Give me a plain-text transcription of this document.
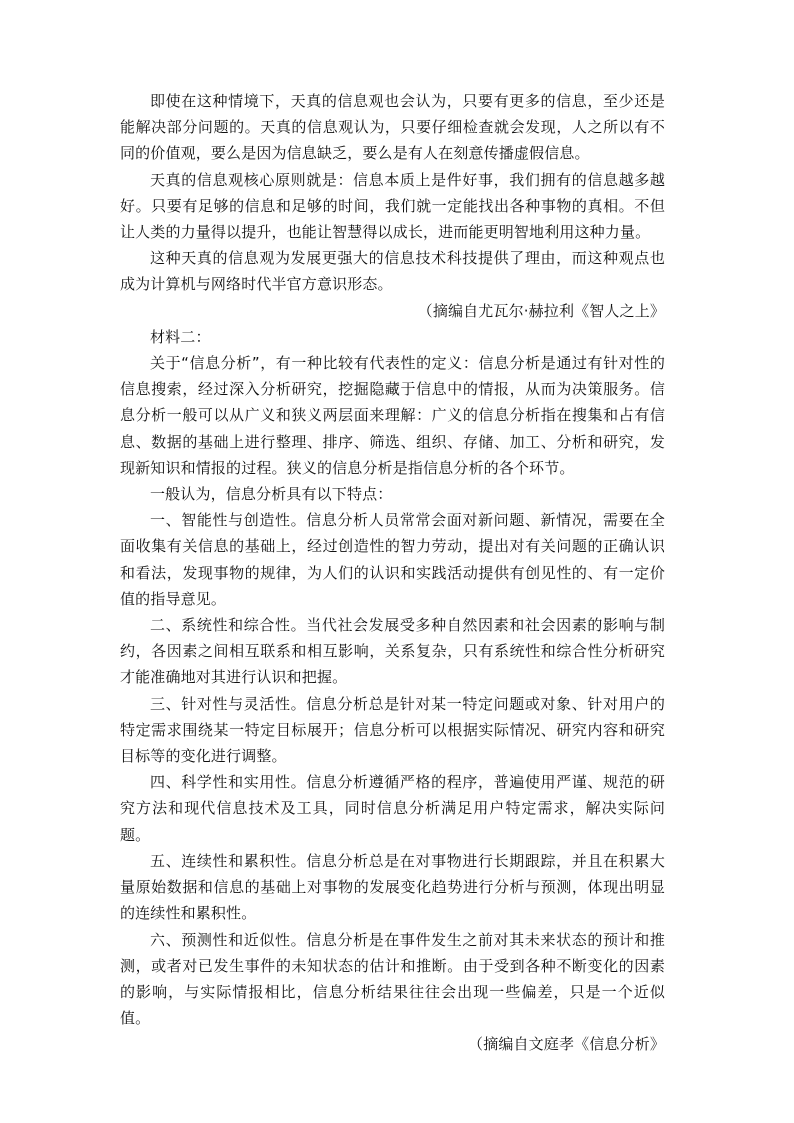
即使在这种情境下，天真的信息观也会认为，只要有更多的信息，至少还是能解决部分问题的。天真的信息观认为，只要仔细检查就会发现，人之所以有不同的价值观，要么是因为信息缺乏，要么是有人在刻意传播虚假信息。

天真的信息观核心原则就是：信息本质上是件好事，我们拥有的信息越多越好。只要有足够的信息和足够的时间，我们就一定能找出各种事物的真相。不但让人类的力量得以提升，也能让智慧得以成长，进而能更明智地利用这种力量。

这种天真的信息观为发展更强大的信息技术科技提供了理由，而这种观点也成为计算机与网络时代半官方意识形态。

（摘编自尤瓦尔·赫拉利《智人之上》

材料二：

关于“信息分析”，有一种比较有代表性的定义：信息分析是通过有针对性的信息搜索，经过深入分析研究，挖掘隐藏于信息中的情报，从而为决策服务。信息分析一般可以从广义和狭义两层面来理解：广义的信息分析指在搜集和占有信息、数据的基础上进行整理、排序、筛选、组织、存储、加工、分析和研究，发现新知识和情报的过程。狭义的信息分析是指信息分析的各个环节。

一般认为，信息分析具有以下特点：

一、智能性与创造性。信息分析人员常常会面对新问题、新情况，需要在全面收集有关信息的基础上，经过创造性的智力劳动，提出对有关问题的正确认识和看法，发现事物的规律，为人们的认识和实践活动提供有创见性的、有一定价值的指导意见。

二、系统性和综合性。当代社会发展受多种自然因素和社会因素的影响与制约，各因素之间相互联系和相互影响，关系复杂，只有系统性和综合性分析研究才能准确地对其进行认识和把握。

三、针对性与灵活性。信息分析总是针对某一特定问题或对象、针对用户的特定需求围绕某一特定目标展开；信息分析可以根据实际情况、研究内容和研究目标等的变化进行调整。

四、科学性和实用性。信息分析遵循严格的程序，普遍使用严谨、规范的研究方法和现代信息技术及工具，同时信息分析满足用户特定需求，解决实际问题。

五、连续性和累积性。信息分析总是在对事物进行长期跟踪，并且在积累大量原始数据和信息的基础上对事物的发展变化趋势进行分析与预测，体现出明显的连续性和累积性。

六、预测性和近似性。信息分析是在事件发生之前对其未来状态的预计和推测，或者对已发生事件的未知状态的估计和推断。由于受到各种不断变化的因素的影响，与实际情报相比，信息分析结果往往会出现一些偏差，只是一个近似值。

（摘编自文庭孝《信息分析》
